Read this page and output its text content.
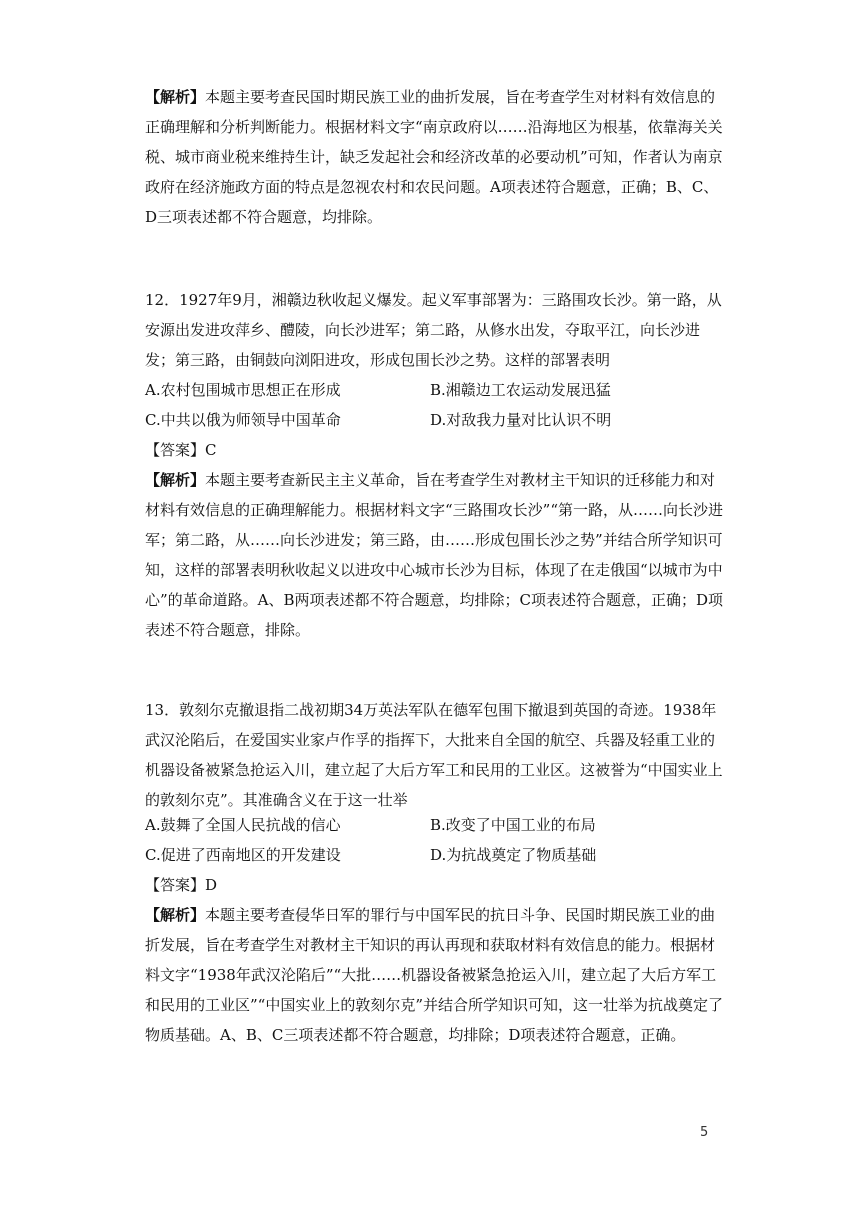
【解析】本题主要考查民国时期民族工业的曲折发展，旨在考查学生对材料有效信息的正确理解和分析判断能力。根据材料文字“南京政府以……沿海地区为根基，依靠海关关税、城市商业税来维持生计，缺乏发起社会和经济改革的必要动机”可知，作者认为南京政府在经济施政方面的特点是忽视农村和农民问题。A项表述符合题意，正确；B、C、D三项表述都不符合题意，均排除。

12．1927年9月，湘赣边秋收起义爆发。起义军事部署为：三路围攻长沙。第一路，从安源出发进攻萍乡、醴陵，向长沙进军；第二路，从修水出发，夺取平江，向长沙进发；第三路，由铜鼓向浏阳进攻，形成包围长沙之势。这样的部署表明

A.农村包围城市思想正在形成	B.湘赣边工农运动发展迅猛
C.中共以俄为师领导中国革命	D.对敌我力量对比认识不明
【答案】C

【解析】本题主要考查新民主主义革命，旨在考查学生对教材主干知识的迁移能力和对材料有效信息的正确理解能力。根据材料文字“三路围攻长沙”“第一路，从……向长沙进军；第二路，从……向长沙进发；第三路，由……形成包围长沙之势”并结合所学知识可知，这样的部署表明秋收起义以进攻中心城市长沙为目标，体现了在走俄国“以城市为中心”的革命道路。A、B两项表述都不符合题意，均排除；C项表述符合题意，正确；D项表述不符合题意，排除。

13．敦刻尔克撤退指二战初期34万英法军队在德军包围下撤退到英国的奇迹。1938年武汉沦陷后，在爱国实业家卢作孚的指挥下，大批来自全国的航空、兵器及轻重工业的机器设备被紧急抢运入川，建立起了大后方军工和民用的工业区。这被誉为“中国实业上的敦刻尔克”。其准确含义在于这一壮举

A.鼓舞了全国人民抗战的信心	B.改变了中国工业的布局
C.促进了西南地区的开发建设	D.为抗战奠定了物质基础
【答案】D

【解析】本题主要考查侵华日军的罪行与中国军民的抗日斗争、民国时期民族工业的曲折发展，旨在考查学生对教材主干知识的再认再现和获取材料有效信息的能力。根据材料文字“1938年武汉沦陷后”“大批……机器设备被紧急抢运入川，建立起了大后方军工和民用的工业区”“中国实业上的敦刻尔克”并结合所学知识可知，这一壮举为抗战奠定了物质基础。A、B、C三项表述都不符合题意，均排除；D项表述符合题意，正确。

5
